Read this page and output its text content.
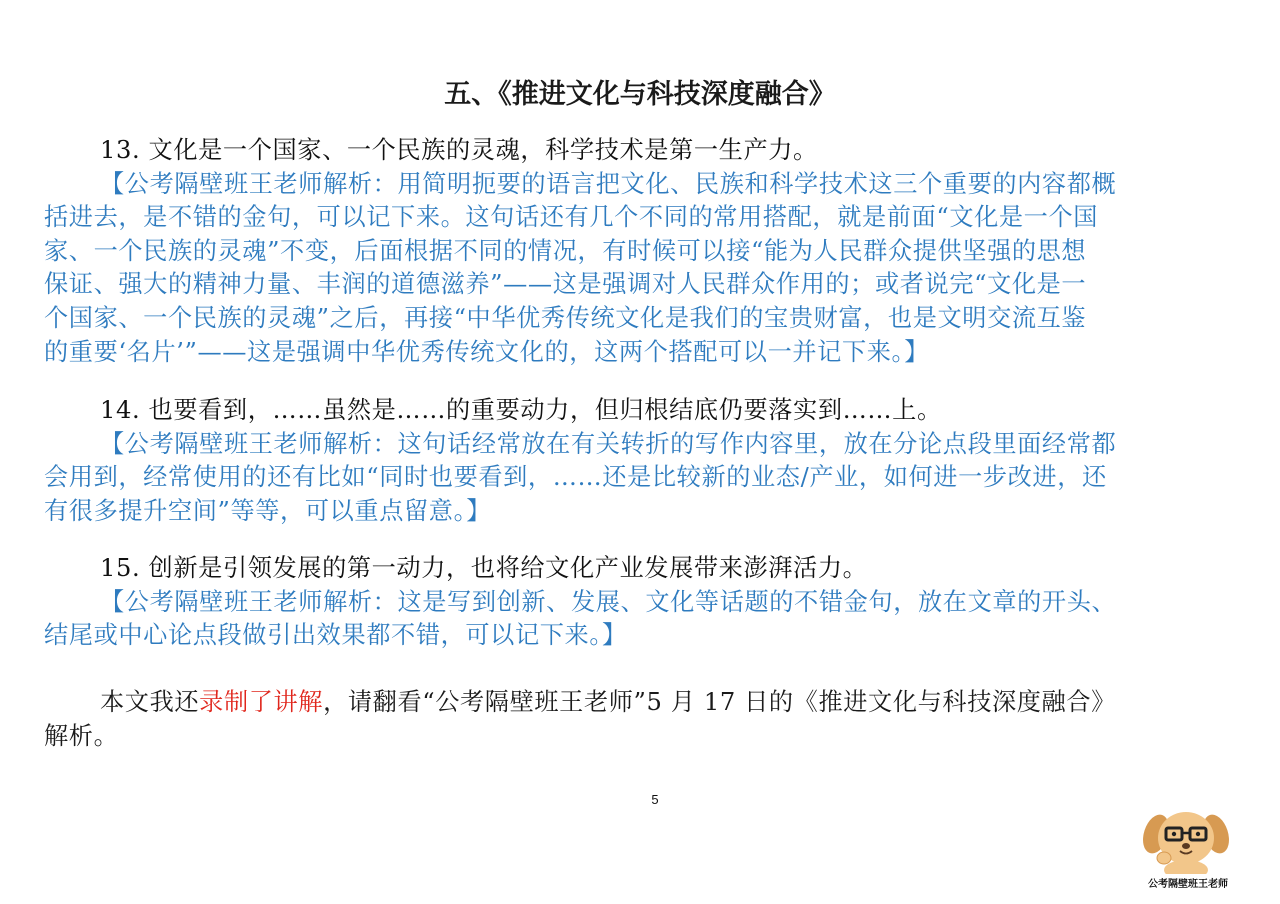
五、《推进文化与科技深度融合》
13. 文化是一个国家、一个民族的灵魂，科学技术是第一生产力。
【公考隔壁班王老师解析：用简明扼要的语言把文化、民族和科学技术这三个重要的内容都概
括进去，是不错的金句，可以记下来。这句话还有几个不同的常用搭配，就是前面“文化是一个国
家、一个民族的灵魂”不变，后面根据不同的情况，有时候可以接“能为人民群众提供坚强的思想
保证、强大的精神力量、丰润的道德滋养”——这是强调对人民群众作用的；或者说完“文化是一
个国家、一个民族的灵魂”之后，再接“中华优秀传统文化是我们的宝贵财富，也是文明交流互鉴
的重要‘名片’”——这是强调中华优秀传统文化的，这两个搭配可以一并记下来。】
14. 也要看到，……虽然是……的重要动力，但归根结底仍要落实到……上。
【公考隔壁班王老师解析：这句话经常放在有关转折的写作内容里，放在分论点段里面经常都
会用到，经常使用的还有比如“同时也要看到，……还是比较新的业态/产业，如何进一步改进，还
有很多提升空间”等等，可以重点留意。】
15. 创新是引领发展的第一动力，也将给文化产业发展带来澎湃活力。
【公考隔壁班王老师解析：这是写到创新、发展、文化等话题的不错金句，放在文章的开头、
结尾或中心论点段做引出效果都不错，可以记下来。】
本文我还录制了讲解，请翻看“公考隔壁班王老师”5 月 17 日的《推进文化与科技深度融合》
解析。
5
公考隔壁班王老师
